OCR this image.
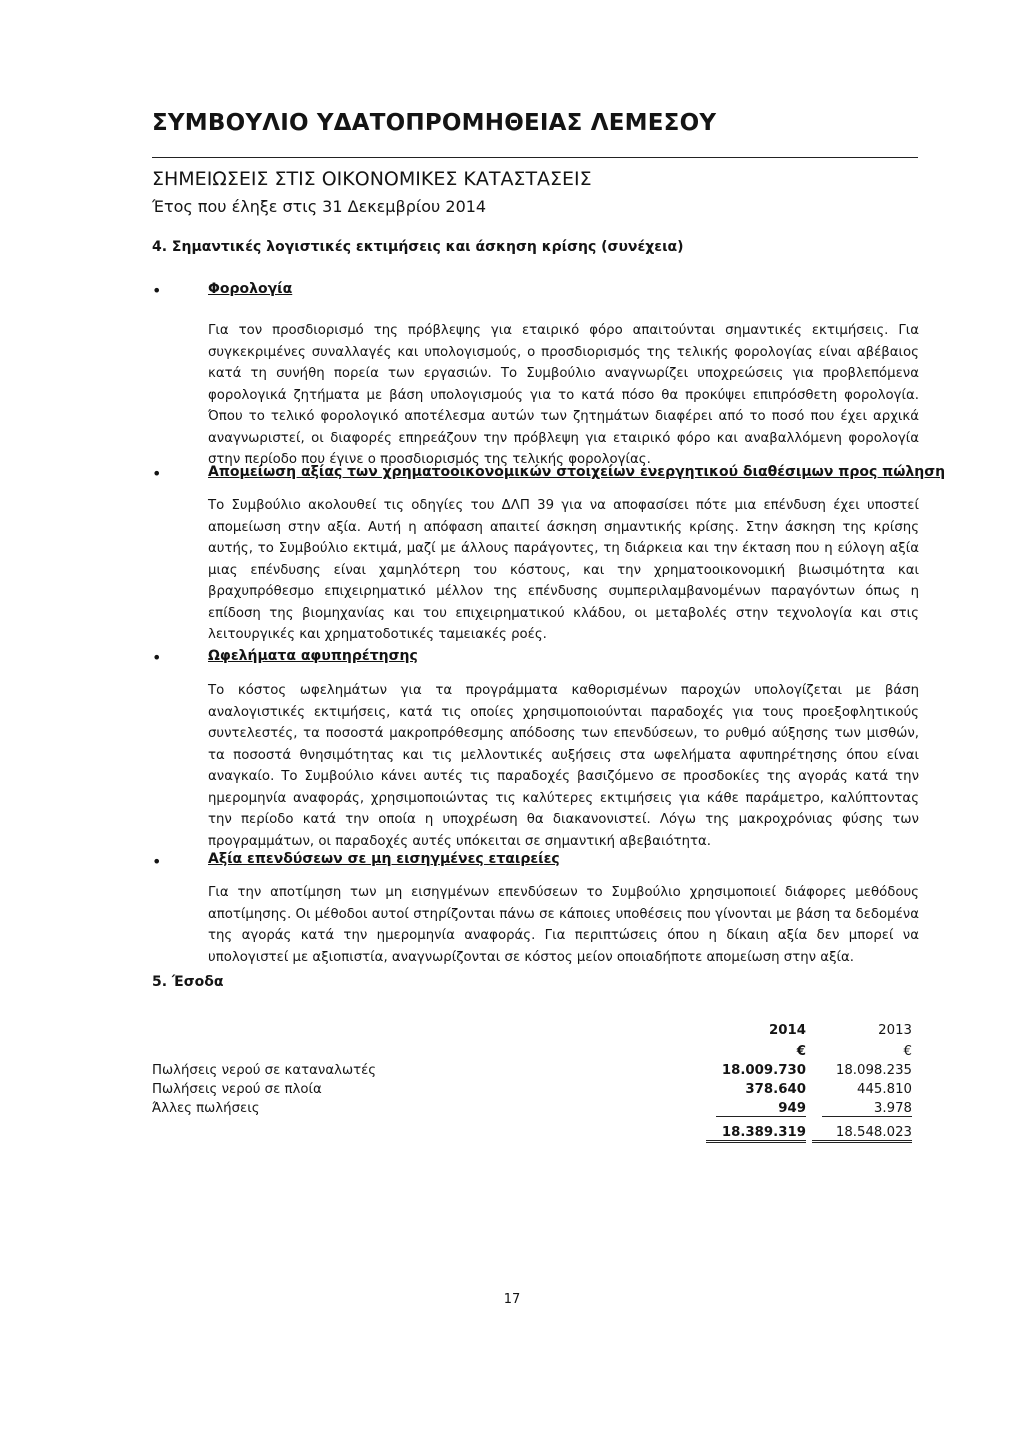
ΣΥΜΒΟΥΛΙΟ ΥΔΑΤΟΠΡΟΜΗΘΕΙΑΣ ΛΕΜΕΣΟΥ
ΣΗΜΕΙΩΣΕΙΣ ΣΤΙΣ ΟΙΚΟΝΟΜΙΚΕΣ ΚΑΤΑΣΤΑΣΕΙΣ
Έτος που έληξε στις 31 Δεκεμβρίου 2014
4. Σημαντικές λογιστικές εκτιμήσεις και άσκηση κρίσης (συνέχεια)
•	Φορολογία

Για τον προσδιορισμό της πρόβλεψης για εταιρικό φόρο απαιτούνται σημαντικές εκτιμήσεις. Για συγκεκριμένες συναλλαγές και υπολογισμούς, ο προσδιορισμός της τελικής φορολογίας είναι αβέβαιος κατά τη συνήθη πορεία των εργασιών. Το Συμβούλιο αναγνωρίζει υποχρεώσεις για προβλεπόμενα φορολογικά ζητήματα με βάση υπολογισμούς για το κατά πόσο θα προκύψει επιπρόσθετη φορολογία. Όπου το τελικό φορολογικό αποτέλεσμα αυτών των ζητημάτων διαφέρει από το ποσό που έχει αρχικά αναγνωριστεί, οι διαφορές επηρεάζουν την πρόβλεψη για εταιρικό φόρο και αναβαλλόμενη φορολογία στην περίοδο που έγινε ο προσδιορισμός της τελικής φορολογίας.

•	Απομείωση αξίας των χρηματοοικονομικών στοιχείων ενεργητικού διαθέσιμων προς πώληση

Το Συμβούλιο ακολουθεί τις οδηγίες του ΔΛΠ 39 για να αποφασίσει πότε μια επένδυση έχει υποστεί απομείωση στην αξία. Αυτή η απόφαση απαιτεί άσκηση σημαντικής κρίσης. Στην άσκηση της κρίσης αυτής, το Συμβούλιο εκτιμά, μαζί με άλλους παράγοντες, τη διάρκεια και την έκταση που η εύλογη αξία μιας επένδυσης είναι χαμηλότερη του κόστους, και την χρηματοοικονομική βιωσιμότητα και βραχυπρόθεσμο επιχειρηματικό μέλλον της επένδυσης συμπεριλαμβανομένων παραγόντων όπως η επίδοση της βιομηχανίας και του επιχειρηματικού κλάδου, οι μεταβολές στην τεχνολογία και στις λειτουργικές και χρηματοδοτικές ταμειακές ροές.

•	Ωφελήματα αφυπηρέτησης

Το κόστος ωφελημάτων για τα προγράμματα καθορισμένων παροχών υπολογίζεται με βάση αναλογιστικές εκτιμήσεις, κατά τις οποίες χρησιμοποιούνται παραδοχές για τους προεξοφλητικούς συντελεστές, τα ποσοστά μακροπρόθεσμης απόδοσης των επενδύσεων, το ρυθμό αύξησης των μισθών, τα ποσοστά θνησιμότητας και τις μελλοντικές αυξήσεις στα ωφελήματα αφυπηρέτησης όπου είναι αναγκαίο. Το Συμβούλιο κάνει αυτές τις παραδοχές βασιζόμενο σε προσδοκίες της αγοράς κατά την ημερομηνία αναφοράς, χρησιμοποιώντας τις καλύτερες εκτιμήσεις για κάθε παράμετρο, καλύπτοντας την περίοδο κατά την οποία η υποχρέωση θα διακανονιστεί. Λόγω της μακροχρόνιας φύσης των προγραμμάτων, οι παραδοχές αυτές υπόκειται σε σημαντική αβεβαιότητα.

•	Αξία επενδύσεων σε μη εισηγμένες εταιρείες

Για την αποτίμηση των μη εισηγμένων επενδύσεων το Συμβούλιο χρησιμοποιεί διάφορες μεθόδους αποτίμησης. Οι μέθοδοι αυτοί στηρίζονται πάνω σε κάποιες υποθέσεις που γίνονται με βάση τα δεδομένα της αγοράς κατά την ημερομηνία αναφοράς. Για περιπτώσεις όπου η δίκαιη αξία δεν μπορεί να υπολογιστεί με αξιοπιστία, αναγνωρίζονται σε κόστος μείον οποιαδήποτε απομείωση στην αξία.

5. Έσοδα
2014	2013
€	€
Πωλήσεις νερού σε καταναλωτές	18.009.730 18.098.235
Πωλήσεις νερού σε πλοία	378.640	445.810
Άλλες πωλήσεις	949	3.978
18.389.319	18.548.023
17
